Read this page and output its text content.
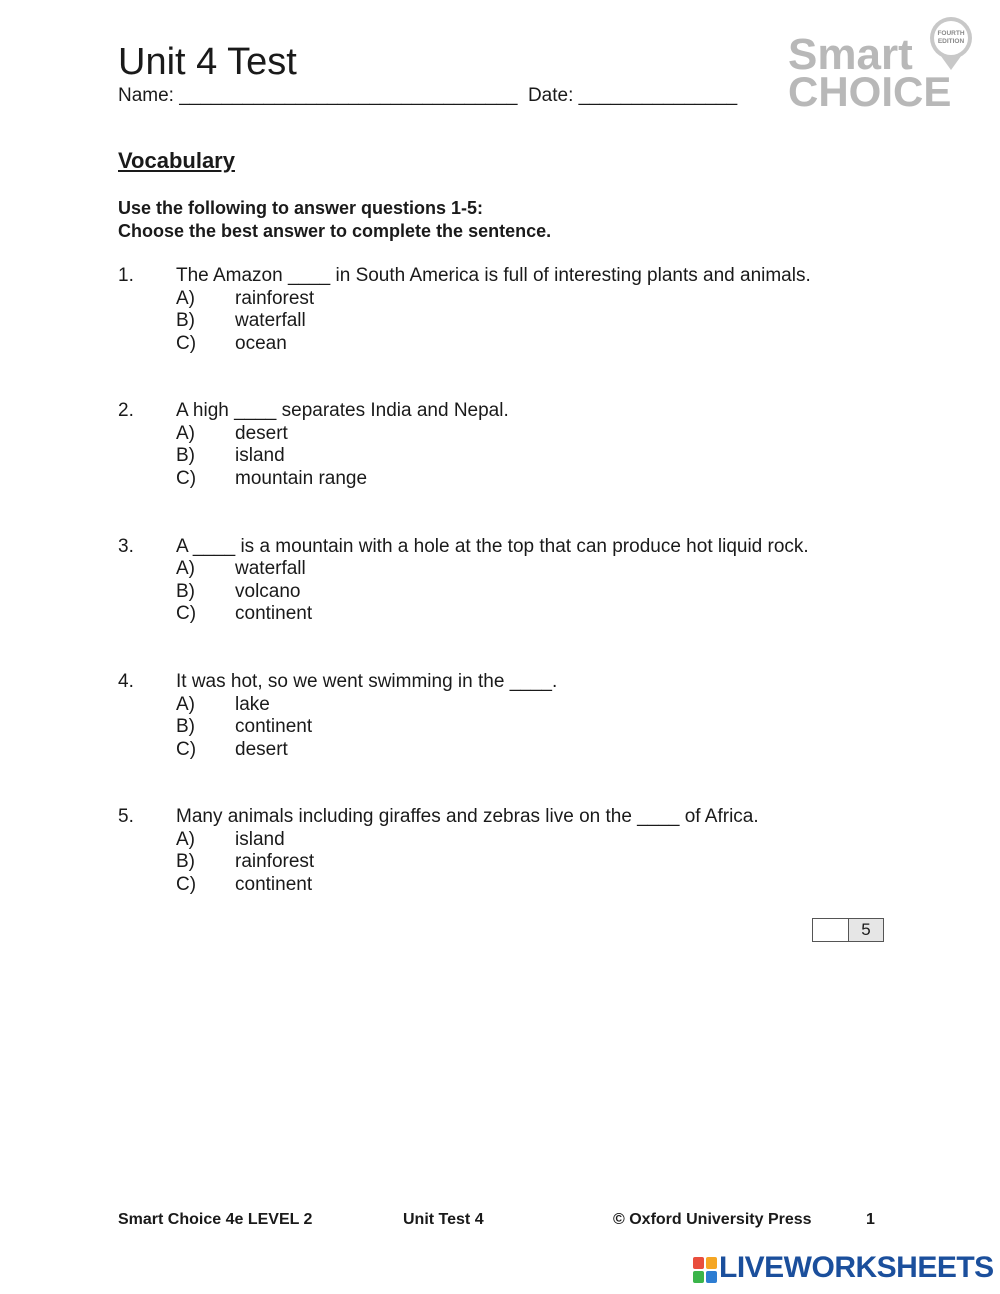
Unit 4 Test
Name: ________________________________ Date: _______________
Smart
CHOICE
FOURTH
EDITION
Vocabulary
Use the following to answer questions 1-5:
Choose the best answer to complete the sentence.
1. The Amazon ____ in South America is full of interesting plants and animals.
A) rainforest
B) waterfall
C) ocean
2. A high ____ separates India and Nepal.
A) desert
B) island
C) mountain range
3. A ____ is a mountain with a hole at the top that can produce hot liquid rock.
A) waterfall
B) volcano
C) continent
4. It was hot, so we went swimming in the ____.
A) lake
B) continent
C) desert
5. Many animals including giraffes and zebras live on the ____ of Africa.
A) island
B) rainforest
C) continent
5
Smart Choice 4e LEVEL 2	Unit Test 4	© Oxford University Press	1
LIVEWORKSHEETS
